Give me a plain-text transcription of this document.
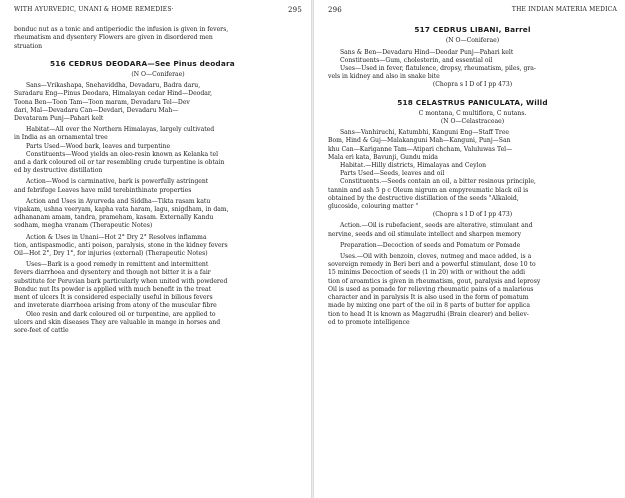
WITH AYURVEDIC, UNANI & HOME REMEDIES·	295

bonduc nut as a tonic and antiperiodic the infusion is given in fevers,

rheumatism and dysentery Flowers are given in disordered men

struation

516 CEDRUS DEODARA—See Pinus deodara

(N O—Coniferae)

Sans—Vrikashapa, Snehaviddha, Devadaru, Badra daru,

Suradaru Eng—Pinus Deodara, Himalayan cedar Hind—Deodar,

Toona Ben—Toon Tam—Toon maram, Devadaru Tel—Dev

dari, Mal—Devadaru Can—Devdari, Devadaru Mah—

Devataram Punj—Pahari kelt

Habitat—All over the Northern Himalayas, largely cultivated

in India as an ornamental tree

Parts Used—Wood bark, leaves and turpentine

Constituents—Wood yields an oleo-resin known as Kelanka tel

and a dark coloured oil or tar resembling crude turpentine is obtain

ed by destructive distillation

Action—Wood is carminative, bark is powerfully astringent

and febrifuge Leaves have mild terebinthinate properties

Action and Uses in Ayurveda and Siddha—Tikta rasam katu

vipakam, ushna veeryam, kapha vata haram, lagu, snigdham, in dam,

adhananam amam, tandra, prameham, kasam. Externally Kandu

sodham, megha vranam (Therapeutic Notes)

Action & Uses in Unani—Hot 2° Dry 2° Resolves inflamma

tion, antispasmodic, anti poison, paralysis, stone in the kidney fevers

Oil—Hot 2°, Dry 1°, for injuries (external) (Therapeutic Notes)

Uses—Bark is a good remedy in remittent and intermittent

fevers diarrhoea and dysentery and though not bitter it is a fair

substitute for Peruvian bark particularly when united with powdered

Bonduc nut Its powder is applied with much benefit in the treat

ment of ulcers It is considered especially useful in bilious fevers

and inveterate diarrhoea arising from atony of the muscular fibre

Oleo resin and dark coloured oil or turpentine, are applied to

ulcers and skin diseases They are valuable in mange in horses and

sore-feet of cattle

296	THE INDIAN MATERIA MEDICA
517 CEDRUS LIBANI, Barrel

(N O—Coniferae)

Sans & Ben—Devadaru Hind—Deodar Punj—Pahari kelt

Constituents—Gum, cholesterin, and essential oil

Uses—Used in fever, flatulence, dropsy, rheumatism, piles, gra-

vels in kidney and also in snake bite

(Chopra s I D of I pp 473)

518 CELASTRUS PANICULATA, Willd

C montana, C multiflora, C nutans.

(N O—Celastraceae)

Sans—Vanhiruchi, Katumbhi, Kanguni Eng—Staff Tree

Bom, Hind & Guj—Malakanguni Mah—Kanguni, Punj—San

khu Can—Kariganne Tam—Atipari chcham, Valuluwas Tel—

Mala eri kata, Bavunji, Gundu mida

Habitat.—Hilly districts, Himalayas and Ceylon

Parts Used—Seeds, leaves and oil

Constituents.—Seeds contain an oil, a bitter resinous principle,

tannin and ash 5 p c Oleum nigrum an empyreumatic black oil is

obtained by the destructive distillation of the seeds "Alkaloid,

glucoside, colouring matter "

(Chopra s I D of I pp 473)

Action.—Oil is rubefacient, seeds are alterative, stimulant and

nervine, seeds and oil stimulate intellect and sharpen memory

Preparation—Decoction of seeds and Pomatum or Pomade

Uses.—Oil with benzoin, cloves, nutmeg and mace added, is a

sovereign remedy in Beri beri and a powerful stimulant, dose 10 to

15 minims Decoction of seeds (1 in 20) with or without the addi

tion of aroamtics is given in rheumatism, gout, paralysis and leprosy

Oil is used as pomade for relieving rheumatic pains of a malarious

character and in paralysis It is also used in the form of pomatum

made by mixing one part of the oil in 8 parts of butter for applica

tion to head It is known as Magzrudhi (Brain clearer) and believ-

ed to promote intelligence
